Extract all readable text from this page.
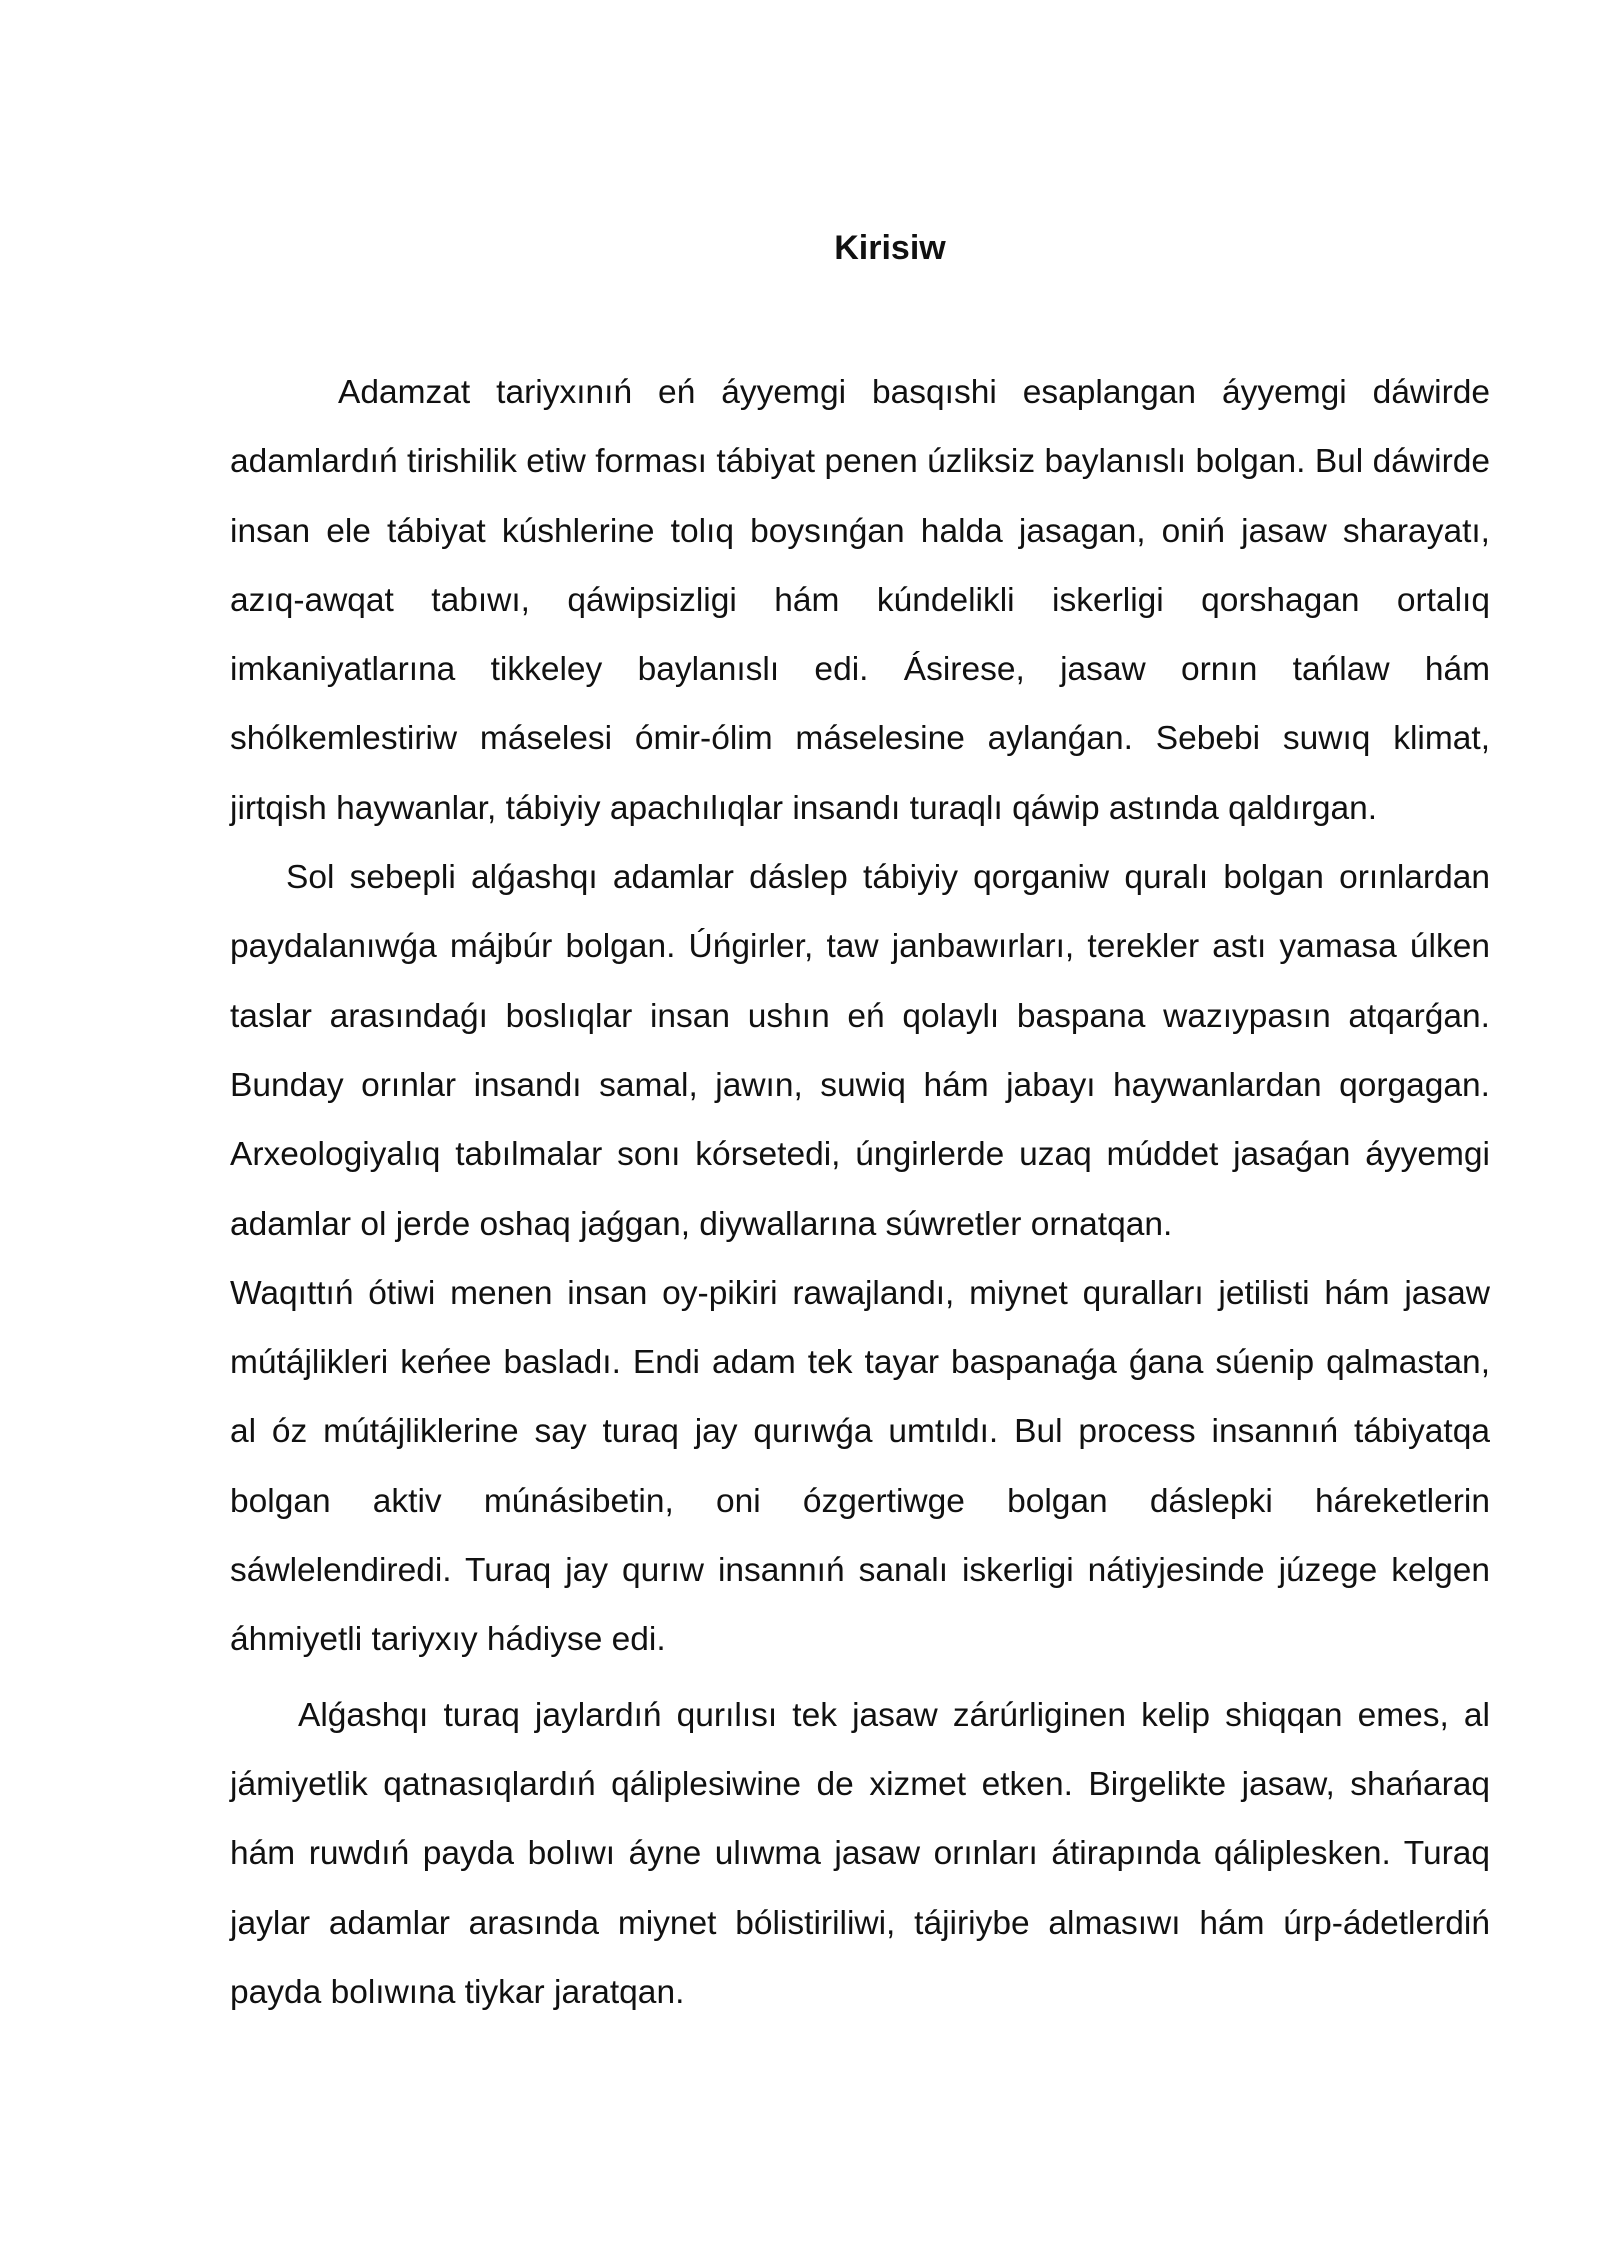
Kirisiw

Adamzat tariyxınıń eń áyyemgi basqıshi esaplangan áyyemgi dáwirde adamlardıń tirishilik etiw forması tábiyat penen úzliksiz baylanıslı bolgan. Bul dáwirde insan ele tábiyat kúshlerine tolıq boysınǵan halda jasagan, oniń jasaw sharayatı, azıq-awqat tabıwı, qáwipsizligi hám kúndelikli iskerligi qorshagan ortalıq imkaniyatlarına tikkeley baylanıslı edi. Ásirese, jasaw ornın tańlaw hám shólkemlestiriw máselesi ómir-ólim máselesine aylanǵan. Sebebi suwıq klimat, jirtqish haywanlar, tábiyiy apachılıqlar insandı turaqlı qáwip astında qaldırgan.

Sol sebepli alǵashqı adamlar dáslep tábiyiy qorganiw quralı bolgan orınlardan paydalanıwǵa májbúr bolgan. Úńgirler, taw janbawırları, terekler astı yamasa úlken taslar arasındaǵı boslıqlar insan ushın eń qolaylı baspana wazıypasın atqarǵan. Bunday orınlar insandı samal, jawın, suwiq hám jabayı haywanlardan qorgagan. Arxeologiyalıq tabılmalar sonı kórsetedi, úngirlerde uzaq múddet jasaǵan áyyemgi adamlar ol jerde oshaq jaǵgan, diywallarına súwretler ornatqan.

Waqıttıń ótiwi menen insan oy-pikiri rawajlandı, miynet quralları jetilisti hám jasaw mútájlikleri keńee basladı. Endi adam tek tayar baspanaǵa ǵana súenip qalmastan, al óz mútájliklerine say turaq jay qurıwǵa umtıldı. Bul process insannıń tábiyatqa bolgan aktiv múnásibetin, oni ózgertiwge bolgan dáslepki háreketlerin sáwlelendiredi. Turaq jay qurıw insannıń sanalı iskerligi nátiyjesinde júzege kelgen áhmiyetli tariyxıy hádiyse edi.

Alǵashqı turaq jaylardıń qurılısı tek jasaw zárúrliginen kelip shiqqan emes, al jámiyetlik qatnasıqlardıń qáliplesiwine de xizmet etken. Birgelikte jasaw, shańaraq hám ruwdıń payda bolıwı áyne ulıwma jasaw orınları átirapında qáliplesken. Turaq jaylar adamlar arasında miynet bólistiriliwi, tájiriybe almasıwı hám úrp-ádetlerdiń payda bolıwına tiykar jaratqan.
